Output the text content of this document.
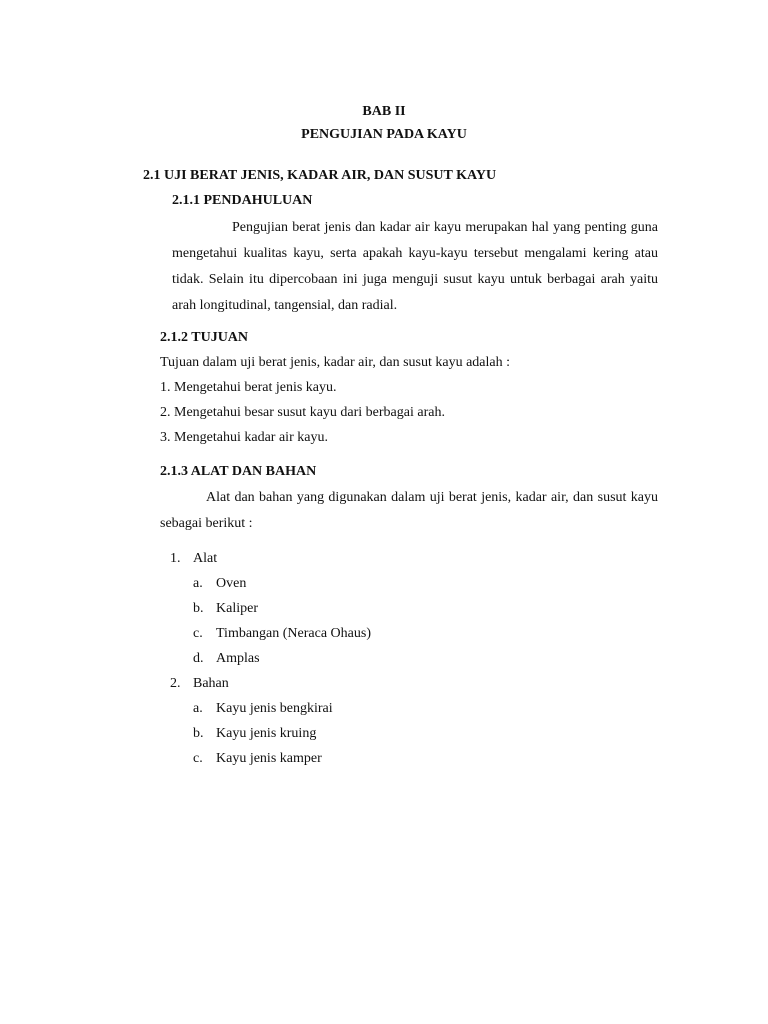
BAB II
PENGUJIAN PADA KAYU
2.1 UJI BERAT JENIS, KADAR AIR, DAN SUSUT KAYU
2.1.1 PENDAHULUAN
Pengujian berat jenis dan kadar air kayu merupakan hal yang penting guna mengetahui kualitas kayu, serta apakah kayu-kayu tersebut mengalami kering atau tidak. Selain itu dipercobaan ini juga menguji susut kayu untuk berbagai arah yaitu arah longitudinal, tangensial, dan radial.
2.1.2 TUJUAN
Tujuan dalam uji berat jenis, kadar air, dan susut kayu adalah :
1. Mengetahui berat jenis kayu.
2. Mengetahui besar susut kayu dari berbagai arah.
3. Mengetahui kadar air kayu.
2.1.3 ALAT DAN BAHAN
Alat dan bahan yang digunakan dalam uji berat jenis, kadar air, dan susut kayu sebagai berikut :
1. Alat
a. Oven
b. Kaliper
c. Timbangan (Neraca Ohaus)
d. Amplas
2. Bahan
a. Kayu jenis bengkirai
b. Kayu jenis kruing
c. Kayu jenis kamper
